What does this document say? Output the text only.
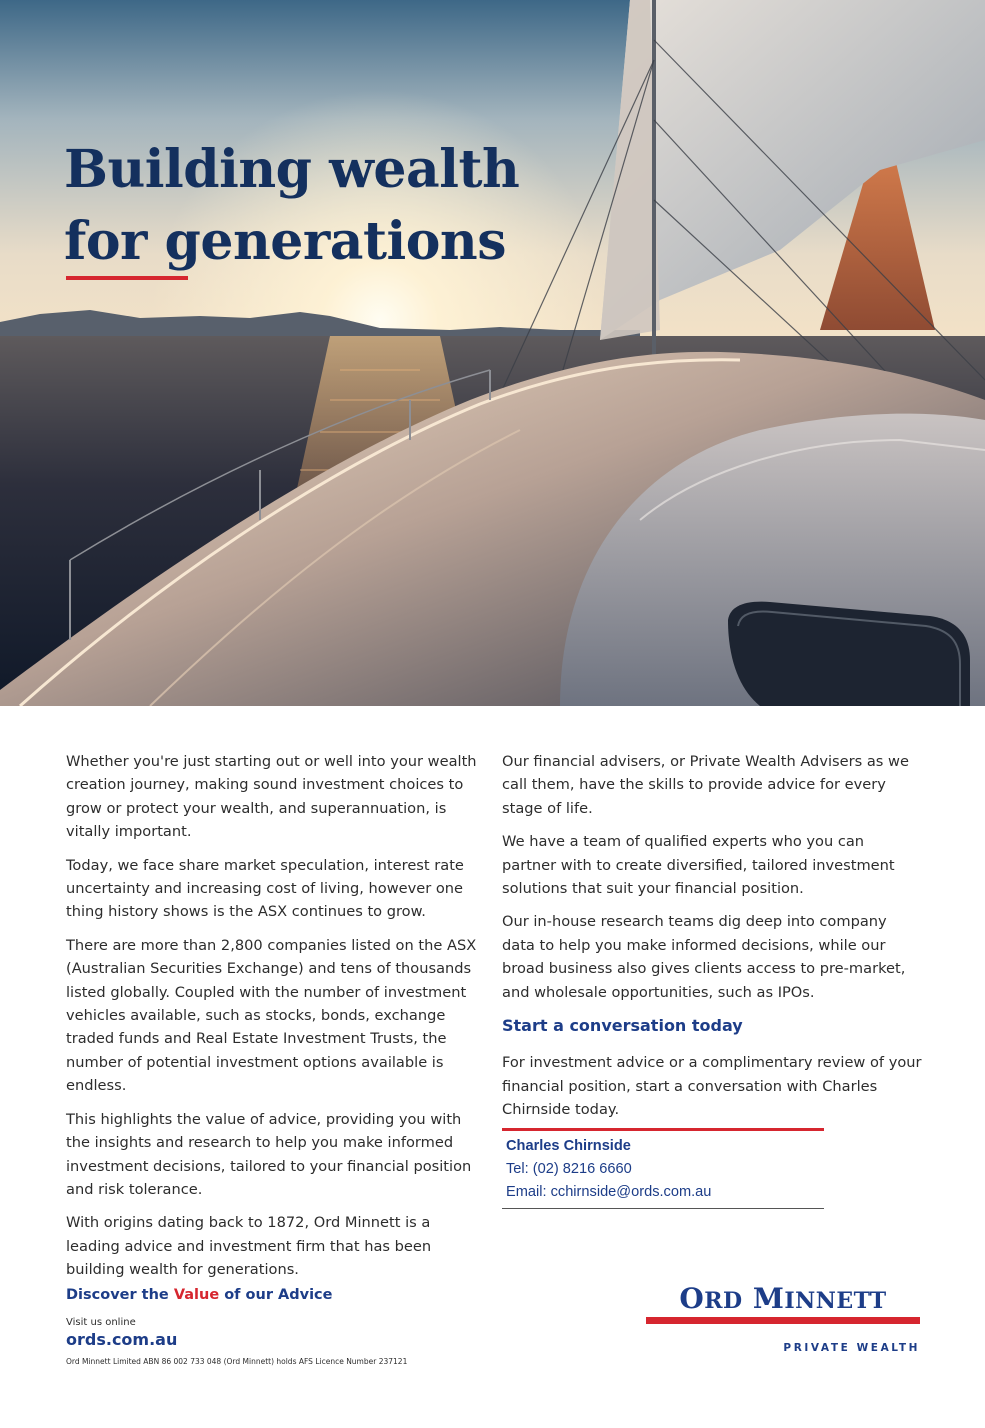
Building wealth
for generations

Whether you're just starting out or well into your wealth creation journey, making sound investment choices to grow or protect your wealth, and superannuation, is vitally important.

Today, we face share market speculation, interest rate uncertainty and increasing cost of living, however one thing history shows is the ASX continues to grow.

There are more than 2,800 companies listed on the ASX (Australian Securities Exchange) and tens of thousands listed globally. Coupled with the number of investment vehicles available, such as stocks, bonds, exchange traded funds and Real Estate Investment Trusts, the number of potential investment options available is endless.

This highlights the value of advice, providing you with the insights and research to help you make informed investment decisions, tailored to your financial position and risk tolerance.

With origins dating back to 1872, Ord Minnett is a leading advice and investment firm that has been building wealth for generations.

Our financial advisers, or Private Wealth Advisers as we call them, have the skills to provide advice for every stage of life.

We have a team of qualified experts who you can partner with to create diversified, tailored investment solutions that suit your financial position.

Our in-house research teams dig deep into company data to help you make informed decisions, while our broad business also gives clients access to pre-market, and wholesale opportunities, such as IPOs.

Start a conversation today

For investment advice or a complimentary review of your financial position, start a conversation with Charles Chirnside today.

Charles Chirnside
Tel: (02) 8216 6660
Email: cchirnside@ords.com.au
Discover the Value of our Advice
Visit us online
ords.com.au
Ord Minnett Limited ABN 86 002 733 048 (Ord Minnett) holds AFS Licence Number 237121
ORD MINNETT
PRIVATE WEALTH
